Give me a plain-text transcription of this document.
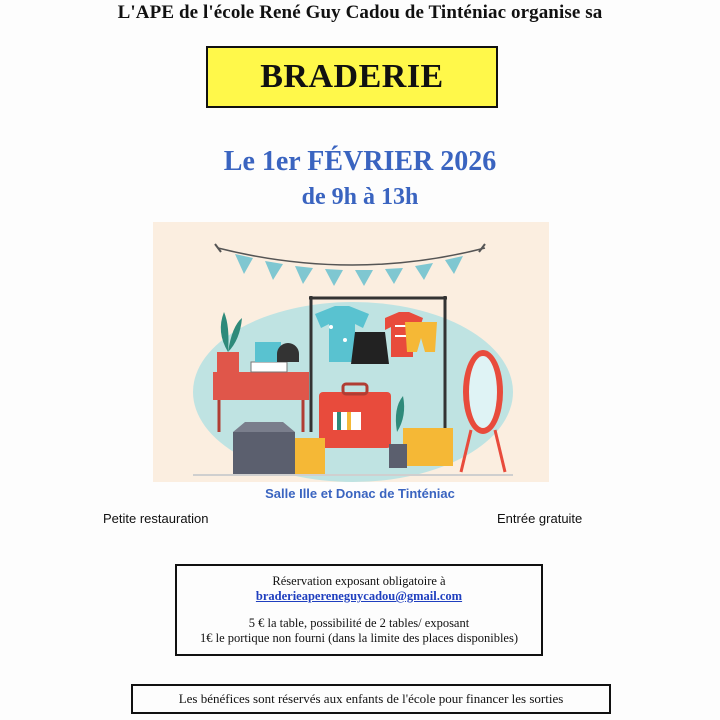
L'APE de l'école René Guy Cadou de Tinténiac organise sa
BRADERIE
Le 1er FÉVRIER 2026
de 9h à 13h
Salle Ille et Donac de Tinténiac
Petite restauration	Entrée gratuite
Réservation exposant obligatoire à
braderieapereneguycadou@gmail.com
5 € la table, possibilité de 2 tables/ exposant
1€ le portique non fourni (dans la limite des places disponibles)
Les bénéfices sont réservés aux enfants de l'école pour financer les sorties
